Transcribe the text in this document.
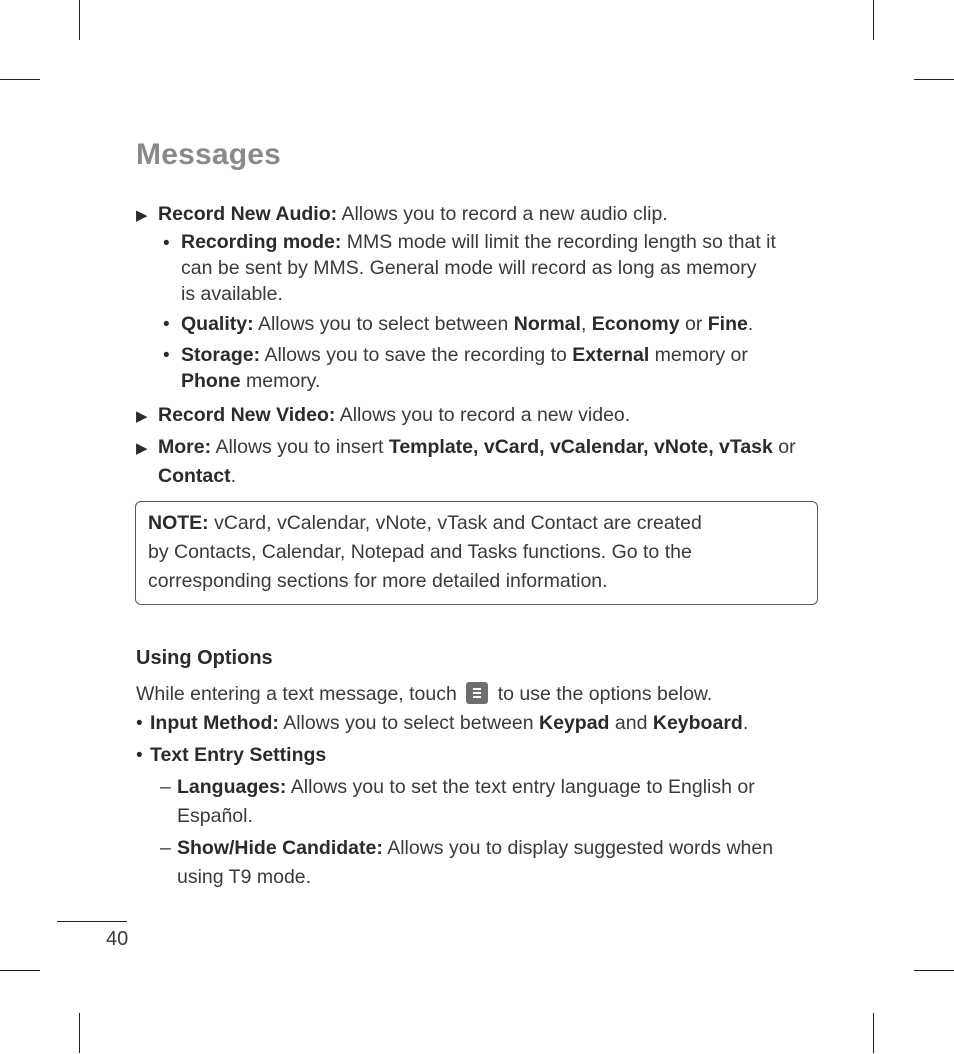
Messages
▶ Record New Audio: Allows you to record a new audio clip.
• Recording mode: MMS mode will limit the recording length so that it
can be sent by MMS. General mode will record as long as memory
is available.
• Quality: Allows you to select between Normal, Economy or Fine.
• Storage: Allows you to save the recording to External memory or
Phone memory.
▶ Record New Video: Allows you to record a new video.
▶ More: Allows you to insert Template, vCard, vCalendar, vNote, vTask or
Contact.
NOTE: vCard, vCalendar, vNote, vTask and Contact are created
by Contacts, Calendar, Notepad and Tasks functions. Go to the
corresponding sections for more detailed information.
Using Options
While entering a text message, touch to use the options below.
• Input Method: Allows you to select between Keypad and Keyboard.
• Text Entry Settings
– Languages: Allows you to set the text entry language to English or
Español.
– Show/Hide Candidate: Allows you to display suggested words when
using T9 mode.
40
